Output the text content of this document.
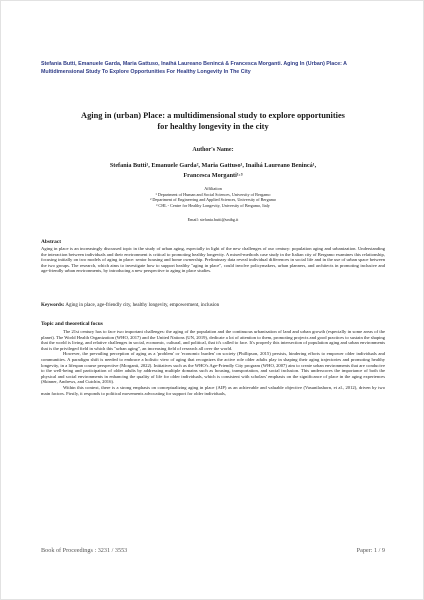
Stefania Butti, Emanuele Garda, Maria Gattuso, Inaihá Laureano Benincá & Francesca Morganti. Aging In (Urban) Place: A Multidimensional Study To Explore Opportunities For Healthy Longevity In The City
Aging in (urban) Place: a multidimensional study to explore opportunities for healthy longevity in the city
Author's Name:
Stefania Butti¹, Emanuele Garda², Maria Gattuso¹, Inaihá Laureano Benincá¹,
Francesca Morganti¹·³
Affiliation
¹ Department of Human and Social Sciences, University of Bergamo
² Department of Engineering and Applied Sciences, University of Bergamo
³ CHL - Centre for Healthy Longevity, University of Bergamo, Italy
Email: stefania.butti@unibg.it
Abstract

Aging in place is an increasingly discussed topic in the study of urban aging, especially in light of the new challenges of our century: population aging and urbanization. Understanding the interaction between individuals and their environment is critical to promoting healthy longevity. A mixed-methods case study in the Italian city of Bergamo examines this relationship, focusing initially on two models of aging in place: senior housing and home ownership. Preliminary data reveal individual differences in social life and in the use of urban space between the two groups. The research, which aims to investigate how to support healthy "aging in place", could involve policymakers, urban planners, and architects in promoting inclusive and age-friendly urban environments, by introducing a new perspective to aging in place studies.

Keywords: Aging in place, age-friendly city, healthy longevity, empowerment, inclusion
Topic and theoretical focus

The 21st century has to face two important challenges: the aging of the population and the continuous urbanisation of land and urban growth (especially in some areas of the planet). The World Health Organization (WHO, 2017) and the United Nations (UN, 2019), dedicate a lot of attention to them, promoting projects and good practices to sustain the shaping that the world is living, and relative challenges in social, economic, cultural, and political, that it's called to face. It's properly this intersection of population aging and urban environments that is the privileged field in which this "urban aging", an increasing field of research all over the world.

However, the prevailing perception of aging as a 'problem' or 'economic burden' on society (Phillipson, 2015) persists, hindering efforts to empower older individuals and communities. A paradigm shift is needed to embrace a holistic view of aging that recognizes the active role older adults play in shaping their aging trajectories and promoting healthy longevity, in a lifespan course perspective (Morganti, 2022). Initiatives such as the WHO's Age-Friendly City program (WHO, 2007) aim to create urban environments that are conducive to the well-being and participation of older adults by addressing multiple domains such as housing, transportation, and social inclusion. This underscores the importance of both the physical and social environments in enhancing the quality of life for older individuals, which is consistent with scholars' emphasis on the significance of place in the aging experiences (Skinner, Andrews, and Cutchin, 2016).

Within this context, there is a strong emphasis on conceptualizing aging in place (AIP) as an achievable and valuable objective (Vasunilashorn, et al., 2012), driven by two main factors. Firstly, it responds to political movements advocating for support for older individuals,

Book of Proceedings : 3231 / 3553	Paper: 1 / 9
